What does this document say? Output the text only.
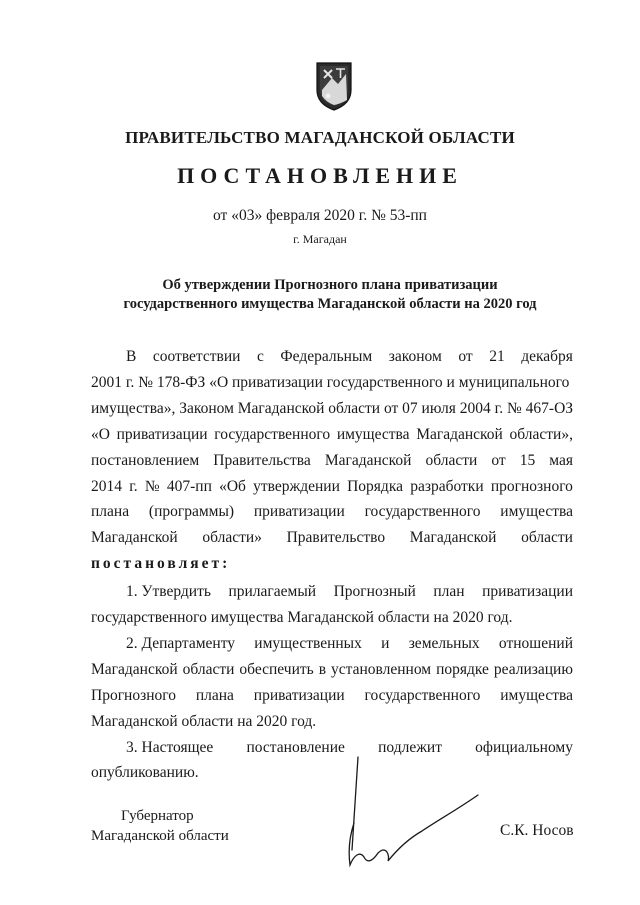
ПРАВИТЕЛЬСТВО МАГАДАНСКОЙ ОБЛАСТИ
ПОСТАНОВЛЕНИЕ
от «03» февраля 2020 г. № 53-пп
г. Магадан
Об утверждении Прогнозного плана приватизации
государственного имущества Магаданской области на 2020 год
В соответствии с Федеральным законом от 21 декабря
2001 г. № 178-ФЗ «О приватизации государственного и муниципального
имущества», Законом Магаданской области от 07 июля 2004 г. № 467-ОЗ
«О приватизации государственного имущества Магаданской области»,
постановлением Правительства Магаданской области от 15 мая
2014 г. № 407-пп «Об утверждении Порядка разработки прогнозного
плана (программы) приватизации государственного имущества
Магаданской области» Правительство Магаданской области
постановляет:
1. Утвердить прилагаемый Прогнозный план приватизации
государственного имущества Магаданской области на 2020 год.
2. Департаменту имущественных и земельных отношений
Магаданской области обеспечить в установленном порядке реализацию
Прогнозного плана приватизации государственного имущества
Магаданской области на 2020 год.
3. Настоящее постановление подлежит официальному
опубликованию.
Губернатор
Магаданской области	С.К. Носов
